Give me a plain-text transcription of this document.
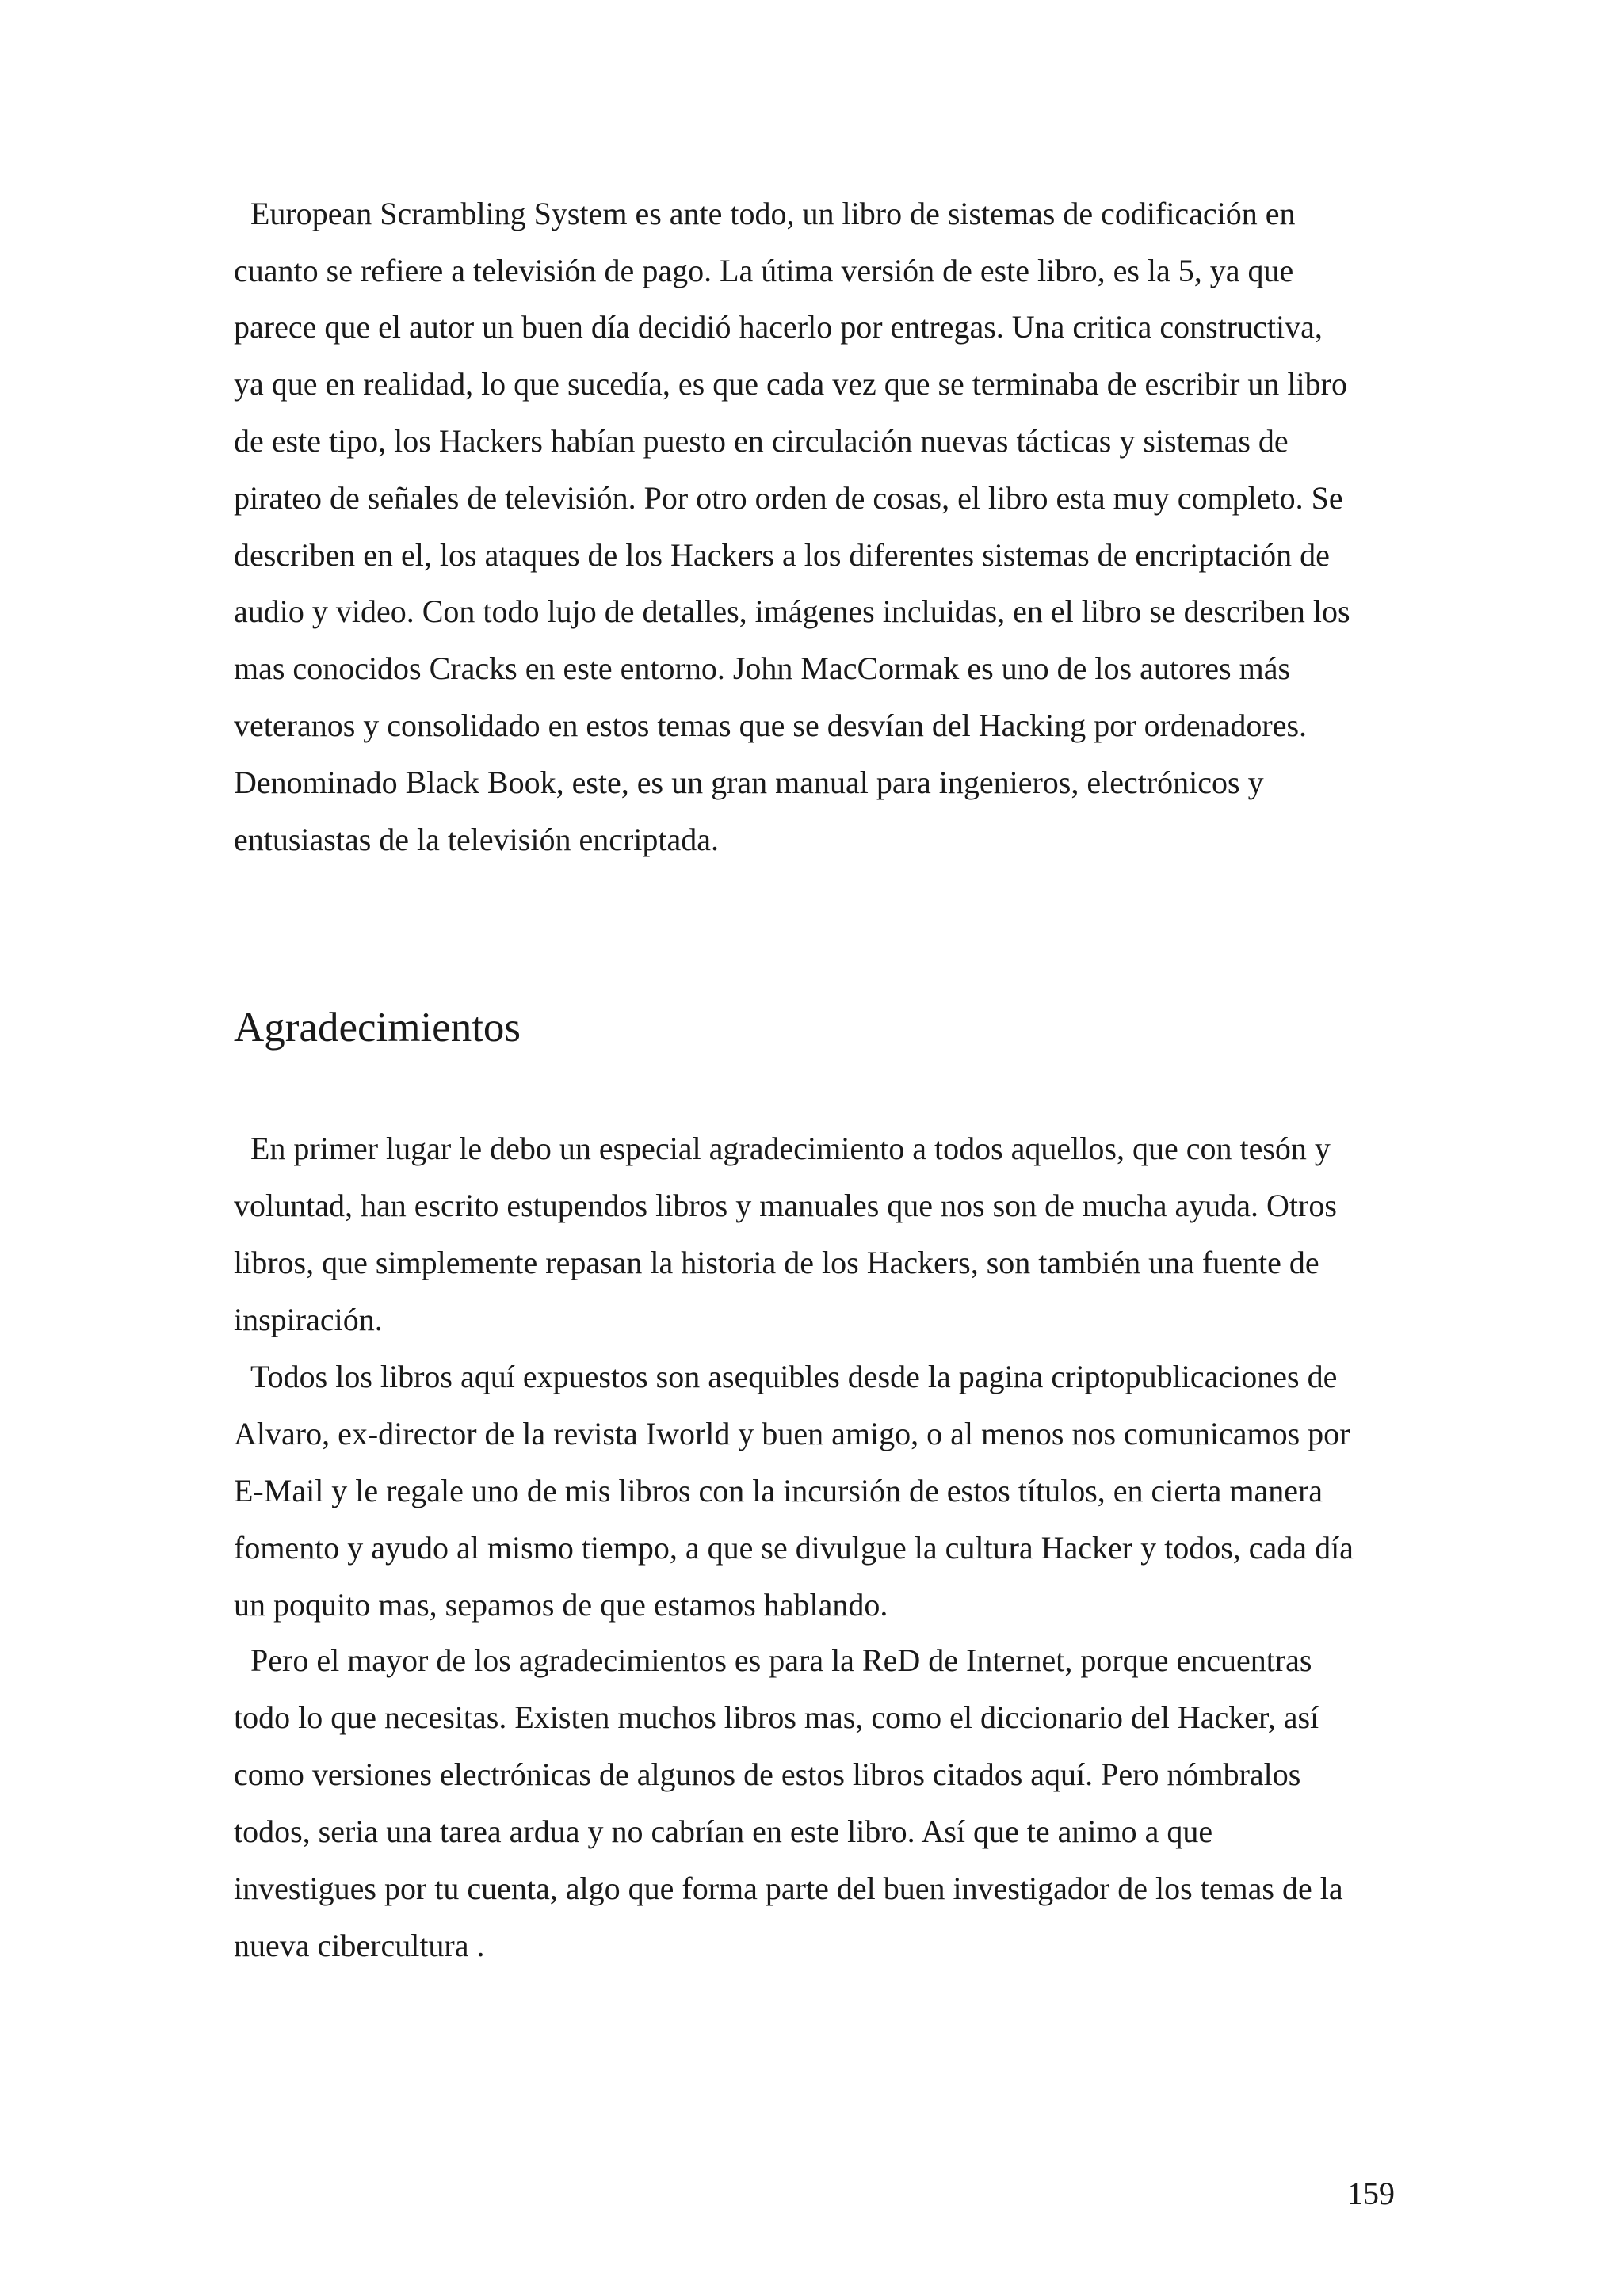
European Scrambling System es ante todo, un libro de sistemas de codificación en

cuanto se refiere a televisión de pago. La útima versión de este libro, es la 5, ya que

parece que el autor un buen día decidió hacerlo por entregas. Una critica constructiva,

ya que en realidad, lo que sucedía, es que cada vez que se terminaba de escribir un libro

de este tipo, los Hackers habían puesto en circulación nuevas tácticas y sistemas de

pirateo de señales de televisión. Por otro orden de cosas, el libro esta muy completo. Se

describen en el, los ataques de los Hackers a los diferentes sistemas de encriptación de

audio y video. Con todo lujo de detalles, imágenes incluidas, en el libro se describen los

mas conocidos Cracks en este entorno. John MacCormak es uno de los autores más

veteranos y consolidado en estos temas que se desvían del Hacking por ordenadores.

Denominado Black Book, este, es un gran manual para ingenieros, electrónicos y

entusiastas de la televisión encriptada.

Agradecimientos

En primer lugar le debo un especial agradecimiento a todos aquellos, que con tesón y

voluntad, han escrito estupendos libros y manuales que nos son de mucha ayuda. Otros

libros, que simplemente repasan la historia de los Hackers, son también una fuente de

inspiración.

Todos los libros aquí expuestos son asequibles desde la pagina criptopublicaciones de

Alvaro, ex-director de la revista Iworld y buen amigo, o al menos nos comunicamos por

E-Mail y le regale uno de mis libros con la incursión de estos títulos, en cierta manera

fomento y ayudo al mismo tiempo, a que se divulgue la cultura Hacker y todos, cada día

un poquito mas, sepamos de que estamos hablando.

Pero el mayor de los agradecimientos es para la ReD de Internet, porque encuentras

todo lo que necesitas. Existen muchos libros mas, como el diccionario del Hacker, así

como versiones electrónicas de algunos de estos libros citados aquí. Pero nómbralos

todos, seria una tarea ardua y no cabrían en este libro. Así que te animo a que

investigues por tu cuenta, algo que forma parte del buen investigador de los temas de la

nueva cibercultura .

159
